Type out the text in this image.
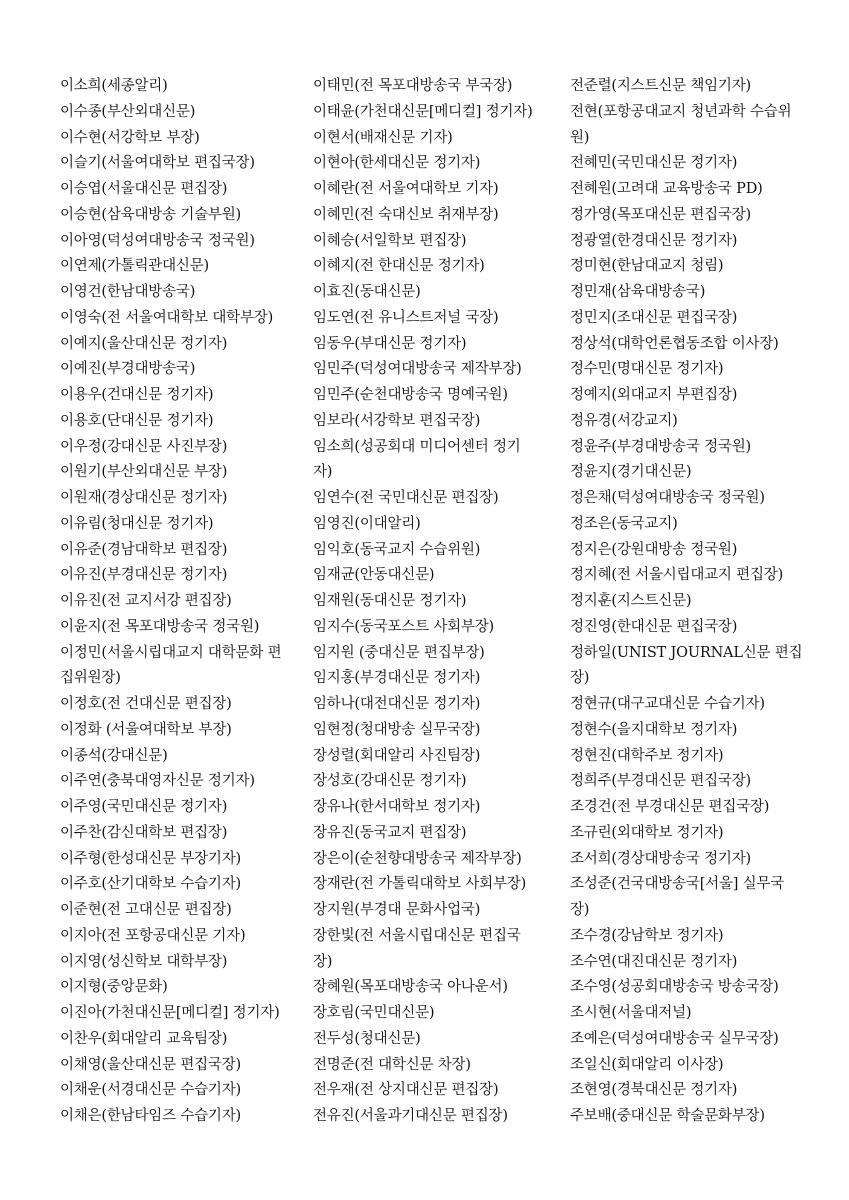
이소희(세종알리)
이수종(부산외대신문)
이수현(서강학보 부장)
이슬기(서울여대학보 편집국장)
이승엽(서울대신문 편집장)
이승현(삼육대방송 기술부원)
이아영(덕성여대방송국 정국원)
이연제(가톨릭관대신문)
이영건(한남대방송국)
이영숙(전 서울여대학보 대학부장)
이예지(울산대신문 정기자)
이예진(부경대방송국)
이용우(건대신문 정기자)
이용호(단대신문 정기자)
이우정(강대신문 사진부장)
이원기(부산외대신문 부장)
이원재(경상대신문 정기자)
이유림(청대신문 정기자)
이유준(경남대학보 편집장)
이유진(부경대신문 정기자)
이유진(전 교지서강 편집장)
이윤지(전 목포대방송국 정국원)
이정민(서울시립대교지 대학문화 편
집위원장)
이정호(전 건대신문 편집장)
이정화 (서울여대학보 부장)
이종석(강대신문)
이주연(충북대영자신문 정기자)
이주영(국민대신문 정기자)
이주찬(감신대학보 편집장)
이주형(한성대신문 부장기자)
이주호(산기대학보 수습기자)
이준현(전 고대신문 편집장)
이지아(전 포항공대신문 기자)
이지영(성신학보 대학부장)
이지형(중앙문화)
이진아(가천대신문[메디컬] 정기자)
이찬우(회대알리 교육팀장)
이채영(울산대신문 편집국장)
이채운(서경대신문 수습기자)
이채은(한남타임즈 수습기자)
이태민(전 목포대방송국 부국장)
이태윤(가천대신문[메디컬] 정기자)
이현서(배재신문 기자)
이현아(한세대신문 정기자)
이혜란(전 서울여대학보 기자)
이혜민(전 숙대신보 취재부장)
이혜승(서일학보 편집장)
이혜지(전 한대신문 정기자)
이효진(동대신문)
임도연(전 유니스트저널 국장)
임동우(부대신문 정기자)
임민주(덕성여대방송국 제작부장)
임민주(순천대방송국 명예국원)
임보라(서강학보 편집국장)
임소희(성공회대 미디어센터 정기
자)
임연수(전 국민대신문 편집장)
임영진(이대알리)
임익호(동국교지 수습위원)
임재균(안동대신문)
임재원(동대신문 정기자)
임지수(동국포스트 사회부장)
임지원 (중대신문 편집부장)
임지홍(부경대신문 정기자)
임하나(대전대신문 정기자)
임현정(청대방송 실무국장)
장성렬(회대알리 사진팀장)
장성호(강대신문 정기자)
장유나(한서대학보 정기자)
장유진(동국교지 편집장)
장은이(순천향대방송국 제작부장)
장재란(전 가톨릭대학보 사회부장)
장지원(부경대 문화사업국)
장한빛(전 서울시립대신문 편집국
장)
장혜원(목포대방송국 아나운서)
장호림(국민대신문)
전두성(청대신문)
전명준(전 대학신문 차장)
전우재(전 상지대신문 편집장)
전유진(서울과기대신문 편집장)
전준렬(지스트신문 책임기자)
전현(포항공대교지 청년과학 수습위
원)
전혜민(국민대신문 정기자)
전혜원(고려대 교육방송국 PD)
정가영(목포대신문 편집국장)
정광열(한경대신문 정기자)
정미현(한남대교지 청림)
정민재(삼육대방송국)
정민지(조대신문 편집국장)
정상석(대학언론협동조합 이사장)
정수민(명대신문 정기자)
정예지(외대교지 부편집장)
정유경(서강교지)
정윤주(부경대방송국 정국원)
정윤지(경기대신문)
정은채(덕성여대방송국 정국원)
정조은(동국교지)
정지은(강원대방송 정국원)
정지혜(전 서울시립대교지 편집장)
정지훈(지스트신문)
정진영(한대신문 편집국장)
정하일(UNIST JOURNAL신문 편집
장)
정현규(대구교대신문 수습기자)
정현수(을지대학보 정기자)
정현진(대학주보 정기자)
정희주(부경대신문 편집국장)
조경건(전 부경대신문 편집국장)
조규린(외대학보 정기자)
조서희(경상대방송국 정기자)
조성준(건국대방송국[서울] 실무국
장)
조수경(강남학보 정기자)
조수연(대진대신문 정기자)
조수영(성공회대방송국 방송국장)
조시현(서울대저널)
조예은(덕성여대방송국 실무국장)
조일신(회대알리 이사장)
조현영(경북대신문 정기자)
주보배(중대신문 학술문화부장)
